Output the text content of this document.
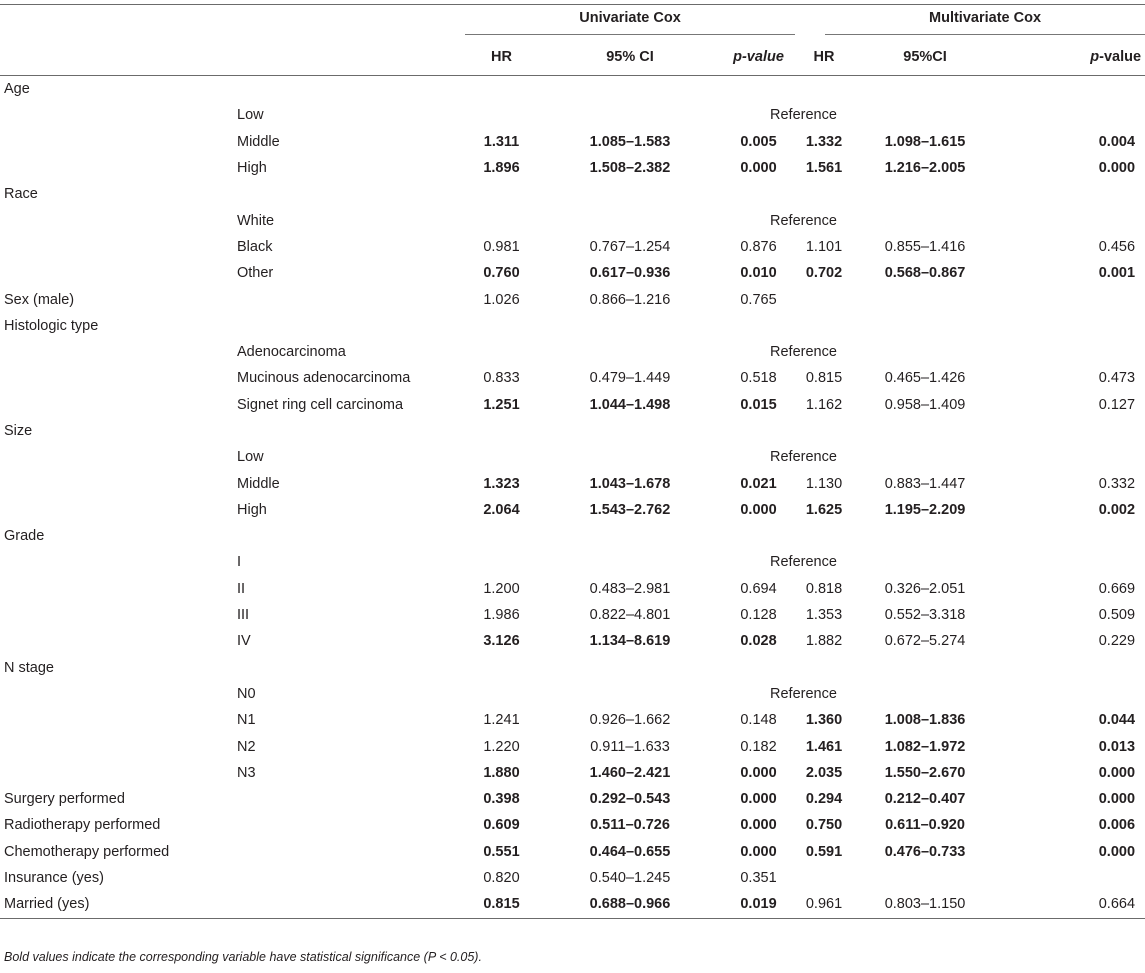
	Univariate Cox			Multivariate Cox		

	HR	95% CI	p-value	HR	95%CI	p-value
Age						
Low	Reference					
Middle	1.311	1.085–1.583	0.005	1.332	1.098–1.615	0.004
High	1.896	1.508–2.382	0.000	1.561	1.216–2.005	0.000
Race						
White	Reference					
Black	0.981	0.767–1.254	0.876	1.101	0.855–1.416	0.456
Other	0.760	0.617–0.936	0.010	0.702	0.568–0.867	0.001
Sex (male)	1.026	0.866–1.216	0.765			
Histologic type						
Adenocarcinoma	Reference					
Mucinous adenocarcinoma	0.833	0.479–1.449	0.518	0.815	0.465–1.426	0.473
Signet ring cell carcinoma	1.251	1.044–1.498	0.015	1.162	0.958–1.409	0.127
Size						
Low	Reference					
Middle	1.323	1.043–1.678	0.021	1.130	0.883–1.447	0.332
High	2.064	1.543–2.762	0.000	1.625	1.195–2.209	0.002
Grade						
I	Reference					
II	1.200	0.483–2.981	0.694	0.818	0.326–2.051	0.669
III	1.986	0.822–4.801	0.128	1.353	0.552–3.318	0.509
IV	3.126	1.134–8.619	0.028	1.882	0.672–5.274	0.229
N stage						
N0	Reference					
N1	1.241	0.926–1.662	0.148	1.360	1.008–1.836	0.044
N2	1.220	0.911–1.633	0.182	1.461	1.082–1.972	0.013
N3	1.880	1.460–2.421	0.000	2.035	1.550–2.670	0.000
Surgery performed	0.398	0.292–0.543	0.000	0.294	0.212–0.407	0.000
Radiotherapy performed	0.609	0.511–0.726	0.000	0.750	0.611–0.920	0.006
Chemotherapy performed	0.551	0.464–0.655	0.000	0.591	0.476–0.733	0.000
Insurance (yes)	0.820	0.540–1.245	0.351			
Married (yes)	0.815	0.688–0.966	0.019	0.961	0.803–1.150	0.664
Bold values indicate the corresponding variable have statistical significance (P < 0.05).
